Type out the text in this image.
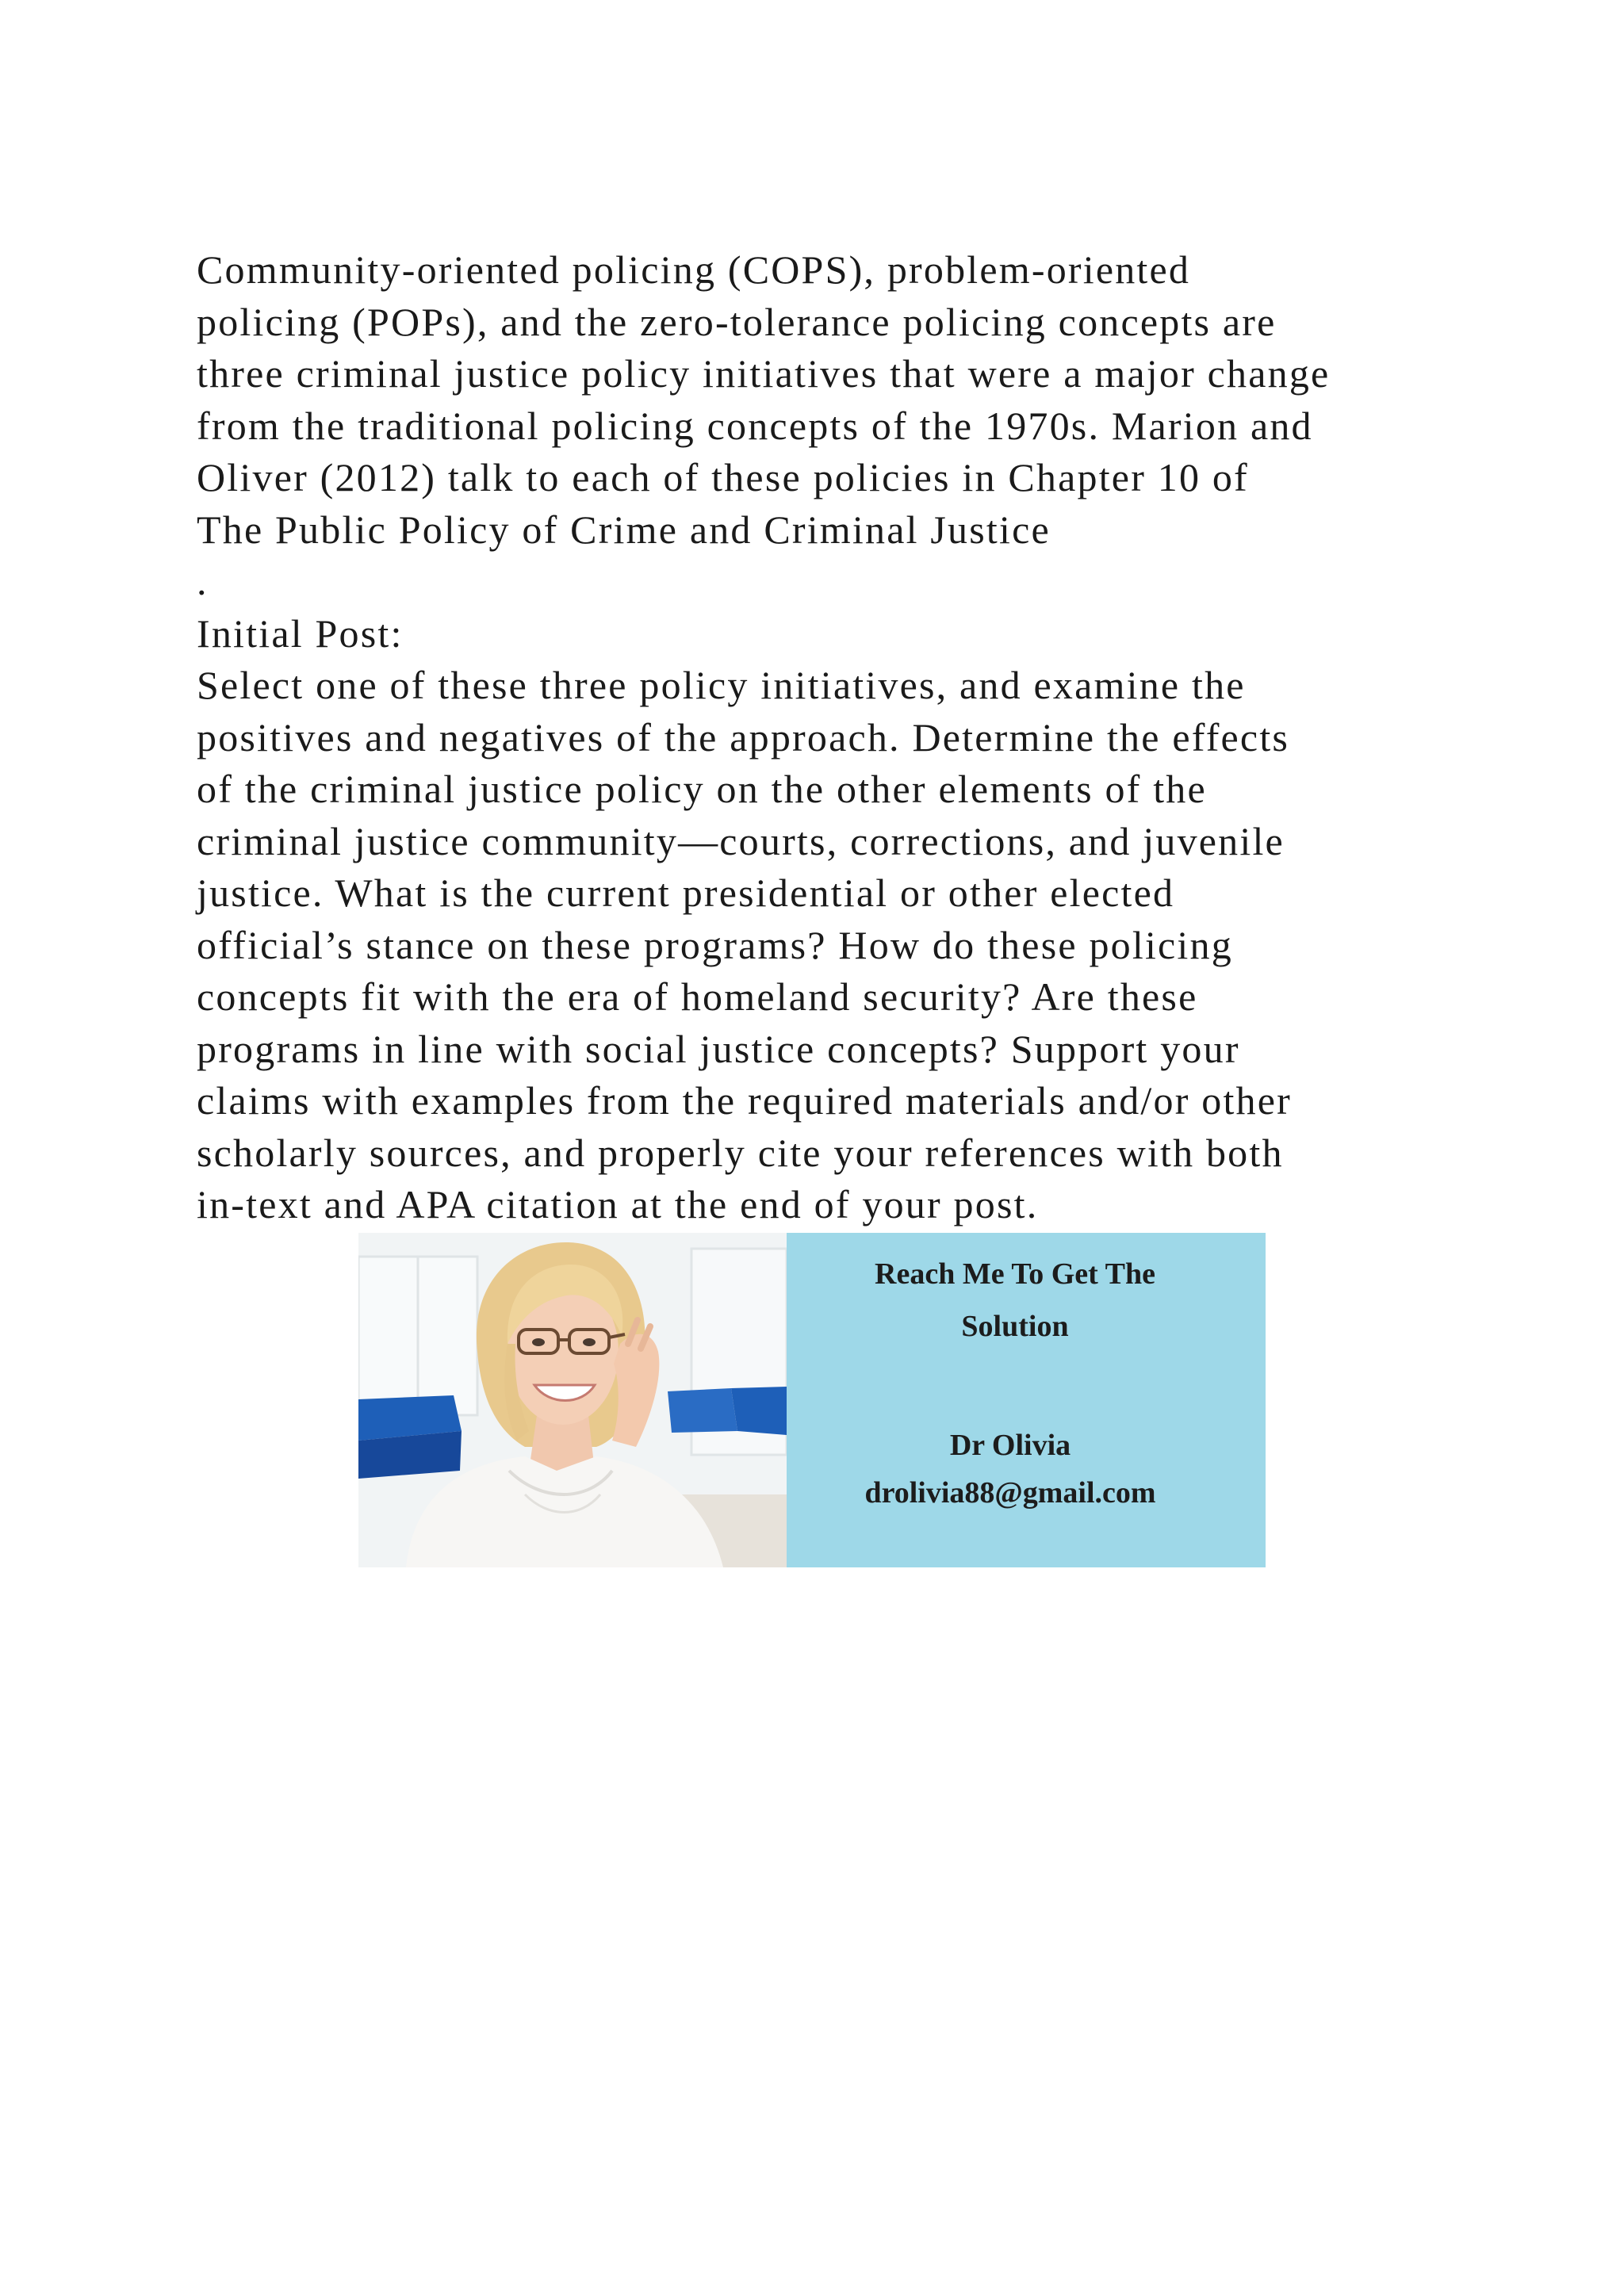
Community-oriented policing (COPS), problem-oriented
policing (POPs), and the zero-tolerance policing concepts are
three criminal justice policy initiatives that were a major change
from the traditional policing concepts of the 1970s. Marion and
Oliver (2012) talk to each of these policies in Chapter 10 of
The Public Policy of Crime and Criminal Justice
.
Initial Post:
Select one of these three policy initiatives, and examine the
positives and negatives of the approach. Determine the effects
of the criminal justice policy on the other elements of the
criminal justice community—courts, corrections, and juvenile
justice. What is the current presidential or other elected
official’s stance on these programs? How do these policing
concepts fit with the era of homeland security? Are these
programs in line with social justice concepts? Support your
claims with examples from the required materials and/or other
scholarly sources, and properly cite your references with both
in-text and APA citation at the end of your post.
Reach Me To Get The
Solution
Dr Olivia
drolivia88@gmail.com
